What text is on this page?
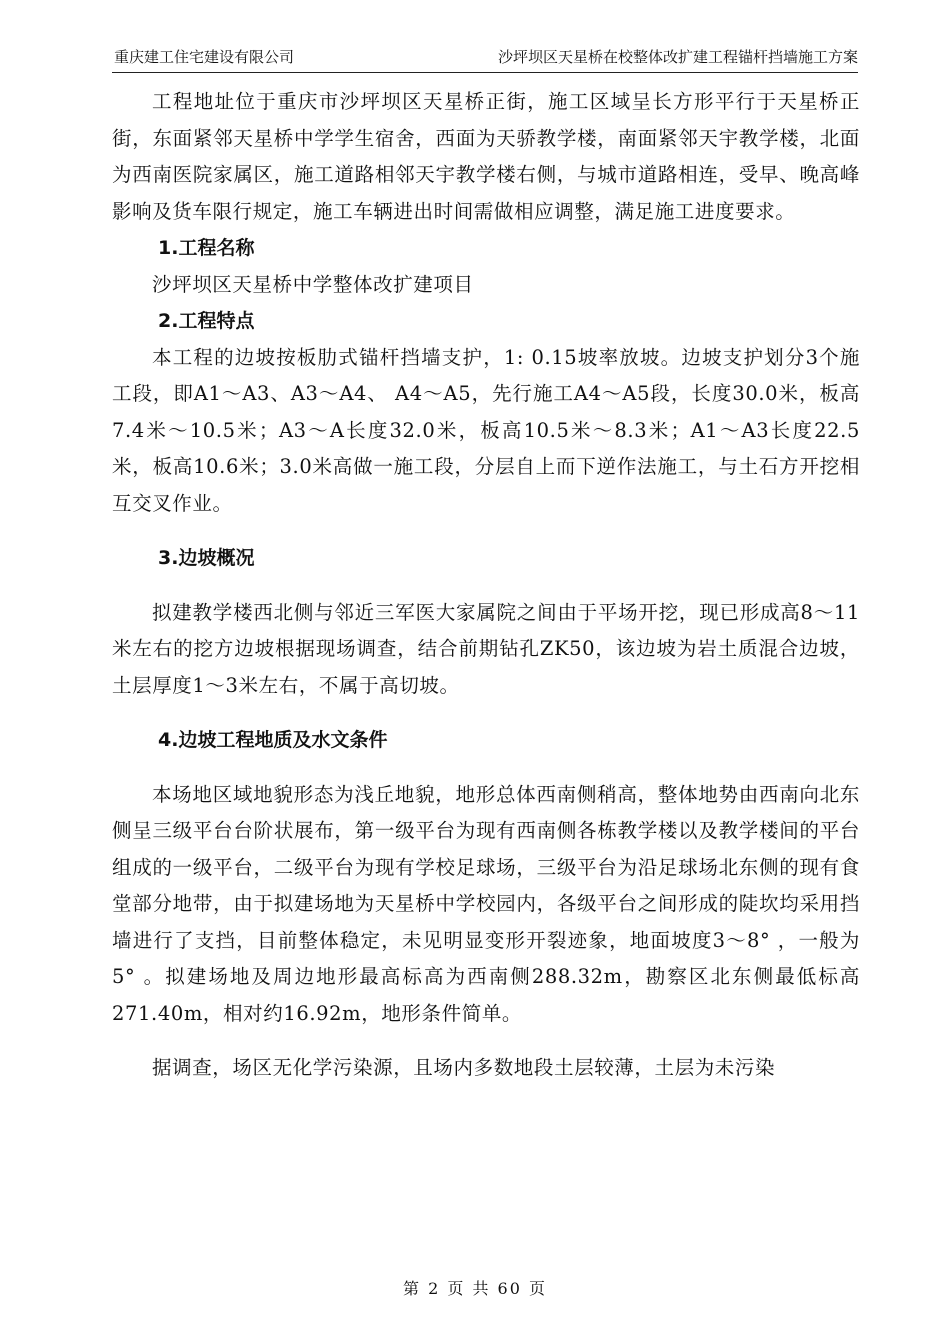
重庆建工住宅建设有限公司	沙坪坝区天星桥在校整体改扩建工程锚杆挡墙施工方案

工程地址位于重庆市沙坪坝区天星桥正街，施工区域呈长方形平行于天星桥正街，东面紧邻天星桥中学学生宿舍，西面为天骄教学楼，南面紧邻天宇教学楼，北面为西南医院家属区，施工道路相邻天宇教学楼右侧，与城市道路相连，受早、晚高峰影响及货车限行规定，施工车辆进出时间需做相应调整，满足施工进度要求。

1.工程名称

沙坪坝区天星桥中学整体改扩建项目

2.工程特点

本工程的边坡按板肋式锚杆挡墙支护，1: 0.15坡率放坡。边坡支护划分3个施工段，即A1～A3、A3～A4、 A4～A5，先行施工A4～A5段，长度30.0米，板高7.4米～10.5米；A3～A长度32.0米，板高10.5米～8.3米；A1～A3长度22.5米，板高10.6米；3.0米高做一施工段，分层自上而下逆作法施工，与土石方开挖相互交叉作业。

3.边坡概况

拟建教学楼西北侧与邻近三军医大家属院之间由于平场开挖，现已形成高8～11米左右的挖方边坡根据现场调查，结合前期钻孔ZK50，该边坡为岩土质混合边坡，土层厚度1～3米左右，不属于高切坡。

4.边坡工程地质及水文条件

本场地区域地貌形态为浅丘地貌，地形总体西南侧稍高，整体地势由西南向北东侧呈三级平台台阶状展布，第一级平台为现有西南侧各栋教学楼以及教学楼间的平台组成的一级平台，二级平台为现有学校足球场，三级平台为沿足球场北东侧的现有食堂部分地带，由于拟建场地为天星桥中学校园内，各级平台之间形成的陡坎均采用挡墙进行了支挡，目前整体稳定，未见明显变形开裂迹象，地面坡度3～8° ，一般为5° 。拟建场地及周边地形最高标高为西南侧288.32m，勘察区北东侧最低标高271.40m，相对约16.92m，地形条件简单。

据调查，场区无化学污染源，且场内多数地段土层较薄，土层为未污染

第 2 页 共 60 页
